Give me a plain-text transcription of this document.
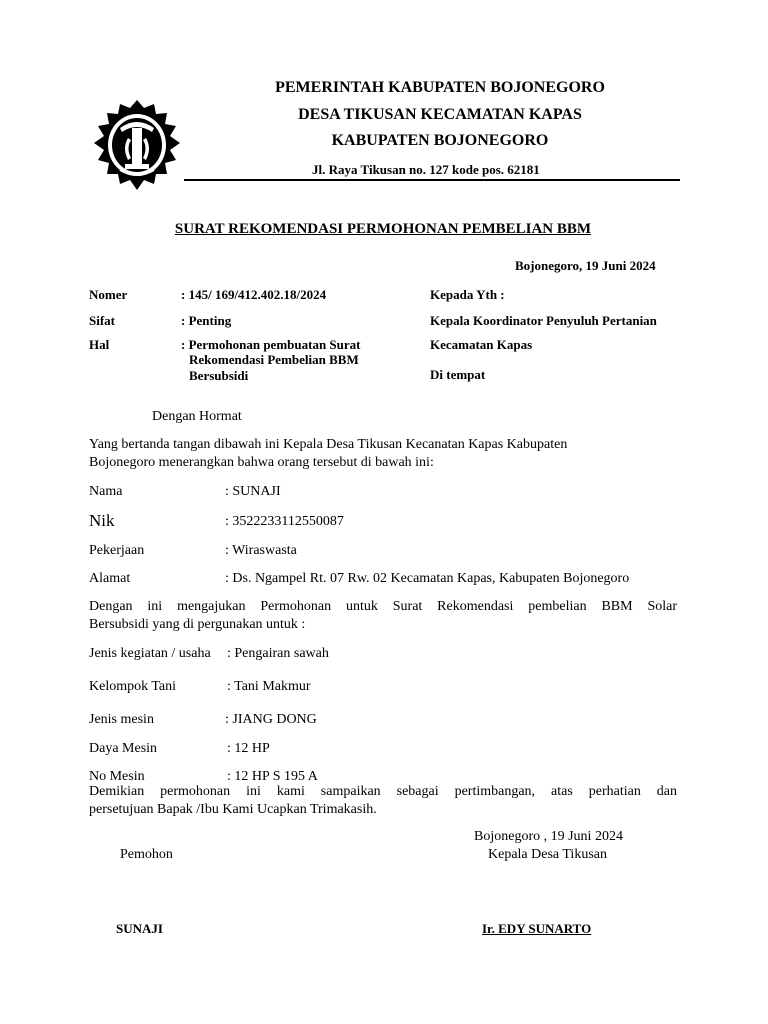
PEMERINTAH KABUPATEN BOJONEGORO
DESA TIKUSAN KECAMATAN KAPAS
KABUPATEN BOJONEGORO
Jl. Raya Tikusan no. 127 kode pos. 62181
SURAT REKOMENDASI PERMOHONAN PEMBELIAN BBM
Bojonegoro, 19 Juni 2024
Nomer	: 145/ 169/412.402.18/2024
Sifat	: Penting
Hal	: Permohonan pembuatan Surat
Rekomendasi Pembelian BBM
Bersubsidi
Kepada Yth :
Kepala Koordinator Penyuluh Pertanian
Kecamatan Kapas
Di tempat
Dengan Hormat
Yang bertanda tangan dibawah ini Kepala Desa Tikusan Kecanatan Kapas Kabupaten
Bojonegoro menerangkan bahwa orang tersebut di bawah ini:
Nama	: SUNAJI
Nik	: 3522233112550087
Pekerjaan	: Wiraswasta
Alamat	: Ds. Ngampel Rt. 07 Rw. 02 Kecamatan Kapas, Kabupaten Bojonegoro
Dengan ini mengajukan Permohonan untuk Surat Rekomendasi pembelian BBM Solar
Bersubsidi yang di pergunakan untuk :
Jenis kegiatan / usaha : Pengairan sawah
Kelompok Tani	: Tani Makmur
Jenis mesin	: JIANG DONG
Daya Mesin	: 12 HP
No Mesin	: 12 HP S 195 A
Demikian permohonan ini kami sampaikan sebagai pertimbangan, atas perhatian dan
persetujuan Bapak /Ibu Kami Ucapkan Trimakasih.
Bojonegoro , 19 Juni 2024
Pemohon	Kepala Desa Tikusan
SUNAJI	Ir. EDY SUNARTO
